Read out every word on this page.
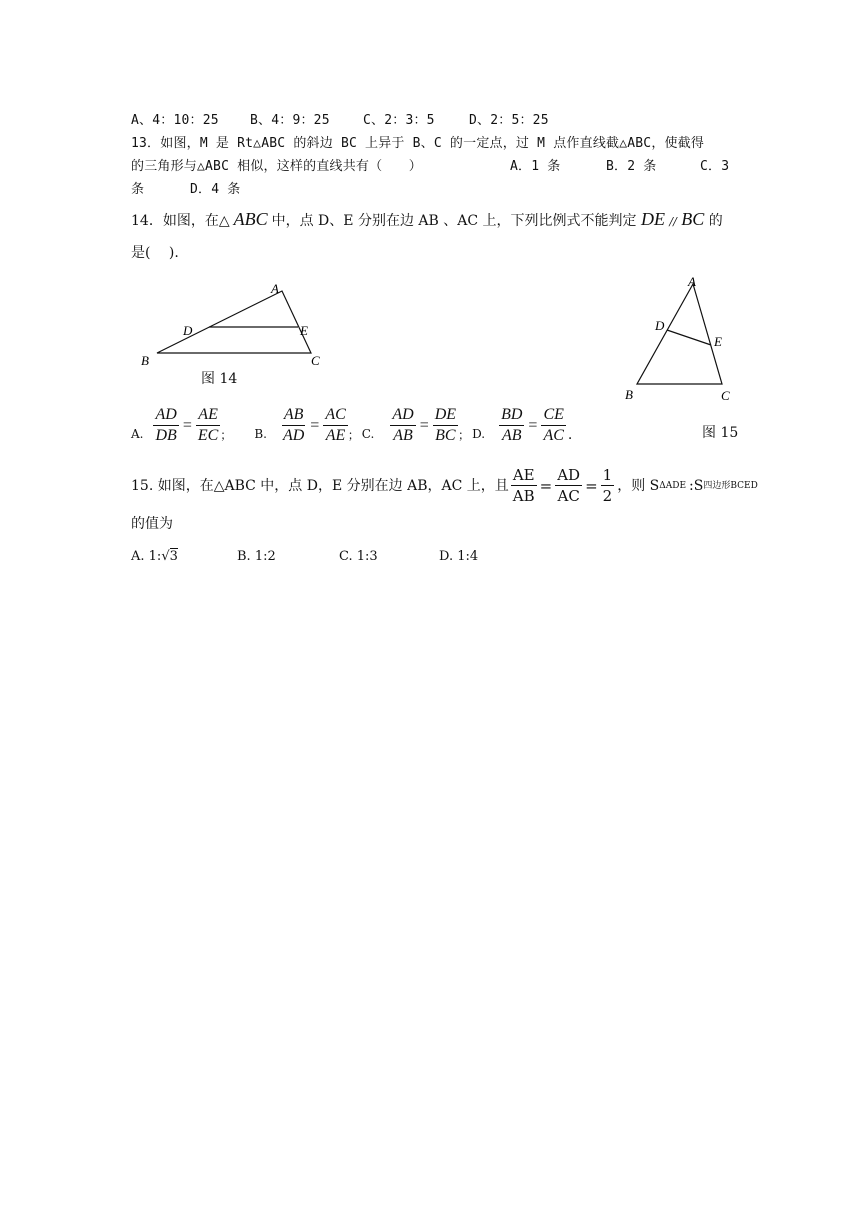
A、4：10：25 B、4：9：25	C、2：3：5	D、2：5：25
13．如图，M 是 Rt△ABC 的斜边 BC 上异于 B、C 的一定点，过 M 点作直线截△ABC，使截得
的三角形与△ABC 相似，这样的直线共有（　　）	A．1 条	B．2 条	C．3
条	D．4 条
14．如图，在△ ABC 中，点 D、E 分别在边 AB 、AC 上，下列比例式不能判定 DE // BC 的
是(　 ).
A
B	C
D	E
图 14
A
B	C
D
E
图 15
A. $\frac{AD}{DB} = \frac{AE}{EC}$ ； B. $\frac{AB}{AD} = \frac{AC}{AE}$ ； C. $\frac{AD}{AB} = \frac{DE}{BC}$ ； D. $\frac{BD}{AB} = \frac{CE}{AC}$ .
15. 如图，在△ABC 中，点 D，E 分别在边 AB，AC 上，且 $\frac{AE}{AB} = \frac{AD}{AC} = \frac{1}{2}$ ，则 S ΔADE :S 四边形BCED
的值为
A. 1:√3	B. 1:2	C. 1:3	D. 1:4
